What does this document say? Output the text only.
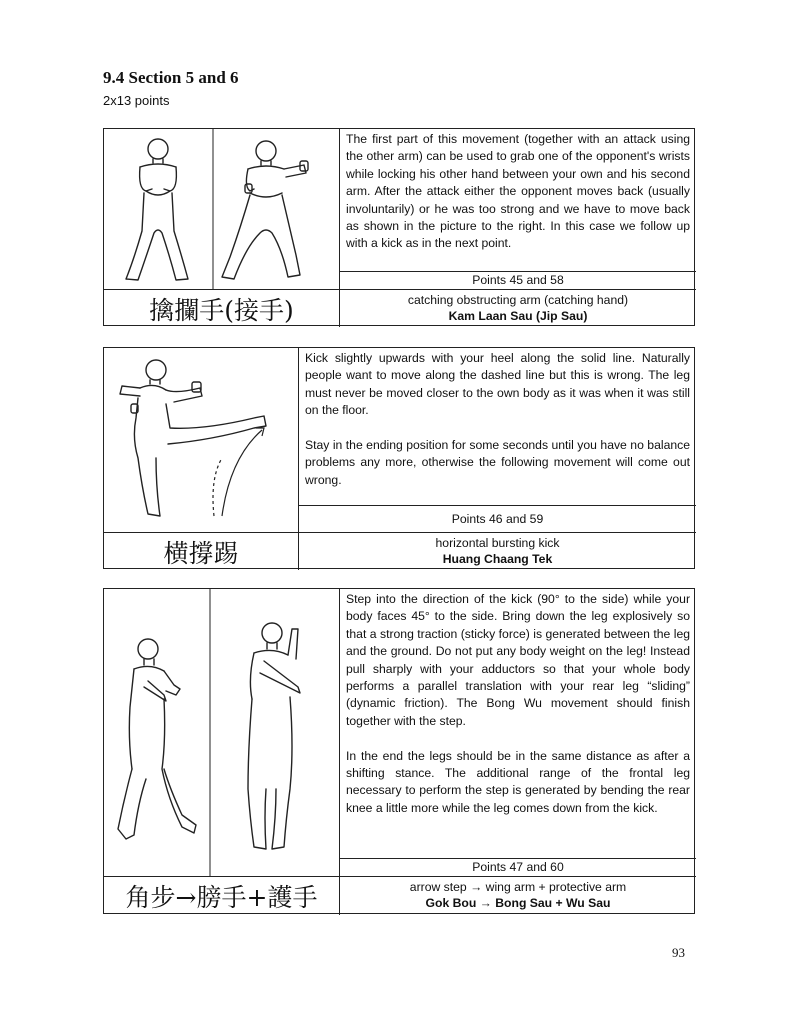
9.4 Section 5 and 6
2x13 points

The first part of this movement (together with an attack using the other arm) can be used to grab one of the opponent's wrists while locking his other hand between your own and his second arm. After the attack either the opponent moves back (usually involuntarily) or he was too strong and we have to move back as shown in the picture to the right. In this case we follow up with a kick as in the next point.

Points 45 and 58
擒攔手(接手)	catching obstructing arm (catching hand)
Kam Laan Sau (Jip Sau)

Kick slightly upwards with your heel along the solid line. Naturally people want to move along the dashed line but this is wrong. The leg must never be moved closer to the own body as it was when it was still on the floor.

Stay in the ending position for some seconds until you have no balance problems any more, otherwise the following movement will come out wrong.

Points 46 and 59
横撐踢	horizontal bursting kick
Huang Chaang Tek

Step into the direction of the kick (90° to the side) while your body faces 45° to the side. Bring down the leg explosively so that a strong traction (sticky force) is generated between the leg and the ground. Do not put any body weight on the leg! Instead pull sharply with your adductors so that your whole body performs a parallel translation with your rear leg “sliding” (dynamic friction). The Bong Wu movement should finish together with the step.

In the end the legs should be in the same distance as after a shifting stance. The additional range of the frontal leg necessary to perform the step is generated by bending the rear knee a little more while the leg comes down from the kick.

Points 47 and 60
角步→膀手+護手	arrow step → wing arm + protective arm
Gok Bou → Bong Sau + Wu Sau
93
